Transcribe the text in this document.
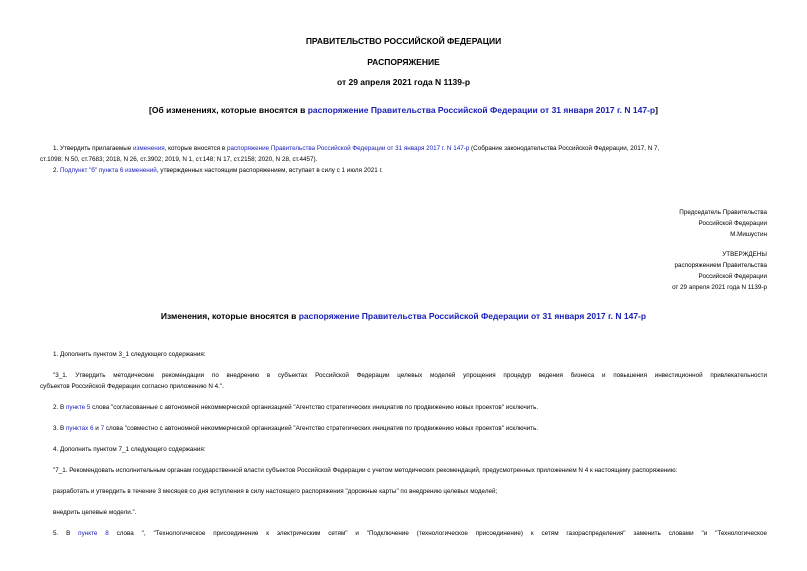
ПРАВИТЕЛЬСТВО РОССИЙСКОЙ ФЕДЕРАЦИИ
РАСПОРЯЖЕНИЕ
от 29 апреля 2021 года N 1139-р
[Об изменениях, которые вносятся в распоряжение Правительства Российской Федерации от 31 января 2017 г. N 147-р]
1. Утвердить прилагаемые изменения, которые вносятся в распоряжение Правительства Российской Федерации от 31 января 2017 г. N 147-р (Собрание законодательства Российской Федерации, 2017, N 7,
ст.1098; N 50, ст.7683; 2018, N 26, ст.3902; 2019, N 1, ст.148; N 17, ст.2158; 2020, N 28, ст.4457).
2. Подпункт "б" пункта 6 изменений, утвержденных настоящим распоряжением, вступает в силу с 1 июля 2021 г.
Председатель Правительства
Российской Федерации
М.Мишустин
УТВЕРЖДЕНЫ
распоряжением Правительства
Российской Федерации
от 29 апреля 2021 года N 1139-р
Изменения, которые вносятся в распоряжение Правительства Российской Федерации от 31 января 2017 г. N 147-р
1. Дополнить пунктом 3_1 следующего содержания:
"3_1. Утвердить методические рекомендации по внедрению в субъектах Российской Федерации целевых моделей упрощения процедур ведения бизнеса и повышения инвестиционной привлекательности
субъектов Российской Федерации согласно приложению N 4.".
2. В пункте 5 слова "согласованные с автономной некоммерческой организацией "Агентство стратегических инициатив по продвижению новых проектов" исключить.
3. В пунктах 6 и 7 слова "совместно с автономной некоммерческой организацией "Агентство стратегических инициатив по продвижению новых проектов" исключить.
4. Дополнить пунктом 7_1 следующего содержания:
"7_1. Рекомендовать исполнительным органам государственной власти субъектов Российской Федерации с учетом методических рекомендаций, предусмотренных приложением N 4 к настоящему распоряжению:
разработать и утвердить в течение 3 месяцев со дня вступления в силу настоящего распоряжения "дорожные карты" по внедрению целевых моделей;
внедрить целевые модели.".
5. В пункте 8 слова ", "Технологическое присоединение к электрическим сетям" и "Подключение (технологическое присоединение) к сетям газораспределения" заменить словами "и "Технологическое
